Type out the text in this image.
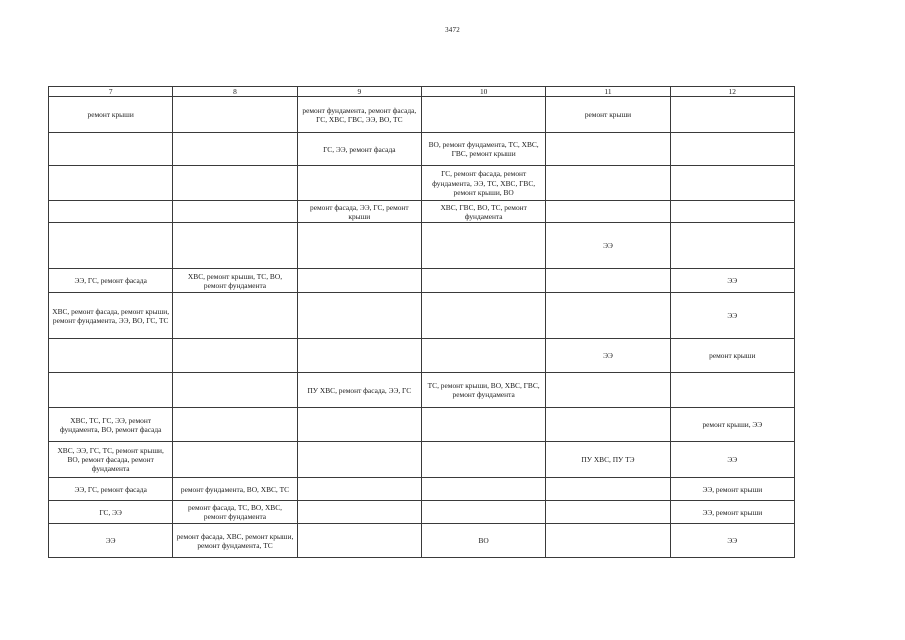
3472
7	8	9	10	11	12
ремонт крыши		ремонт фундамента, ремонт фасада, ГС, ХВС, ГВС, ЭЭ, ВО, ТС		ремонт крыши	
		ГС, ЭЭ, ремонт фасада	ВО, ремонт фундамента, ТС, ХВС, ГВС, ремонт крыши		
			ГС, ремонт фасада, ремонт фундамента, ЭЭ, ТС, ХВС, ГВС, ремонт крыши, ВО		
		ремонт фасада, ЭЭ, ГС, ремонт крыши	ХВС, ГВС, ВО, ТС, ремонт фундамента		
				ЭЭ	
ЭЭ, ГС, ремонт фасада	ХВС, ремонт крыши, ТС, ВО, ремонт фундамента				ЭЭ
ХВС, ремонт фасада, ремонт крыши, ремонт фундамента, ЭЭ, ВО, ГС, ТС					ЭЭ
				ЭЭ	ремонт крыши
		ПУ ХВС, ремонт фасада, ЭЭ, ГС	ТС, ремонт крыши, ВО, ХВС, ГВС, ремонт фундамента		
ХВС, ТС, ГС, ЭЭ, ремонт фундамента, ВО, ремонт фасада					ремонт крыши, ЭЭ
ХВС, ЭЭ, ГС, ТС, ремонт крыши, ВО, ремонт фасада, ремонт фундамента				ПУ ХВС, ПУ ТЭ	ЭЭ
ЭЭ, ГС, ремонт фасада	ремонт фундамента, ВО, ХВС, ТС				ЭЭ, ремонт крыши
ГС, ЭЭ	ремонт фасада, ТС, ВО, ХВС, ремонт фундамента				ЭЭ, ремонт крыши
ЭЭ	ремонт фасада, ХВС, ремонт крыши, ремонт фундамента, ТС		ВО		ЭЭ
